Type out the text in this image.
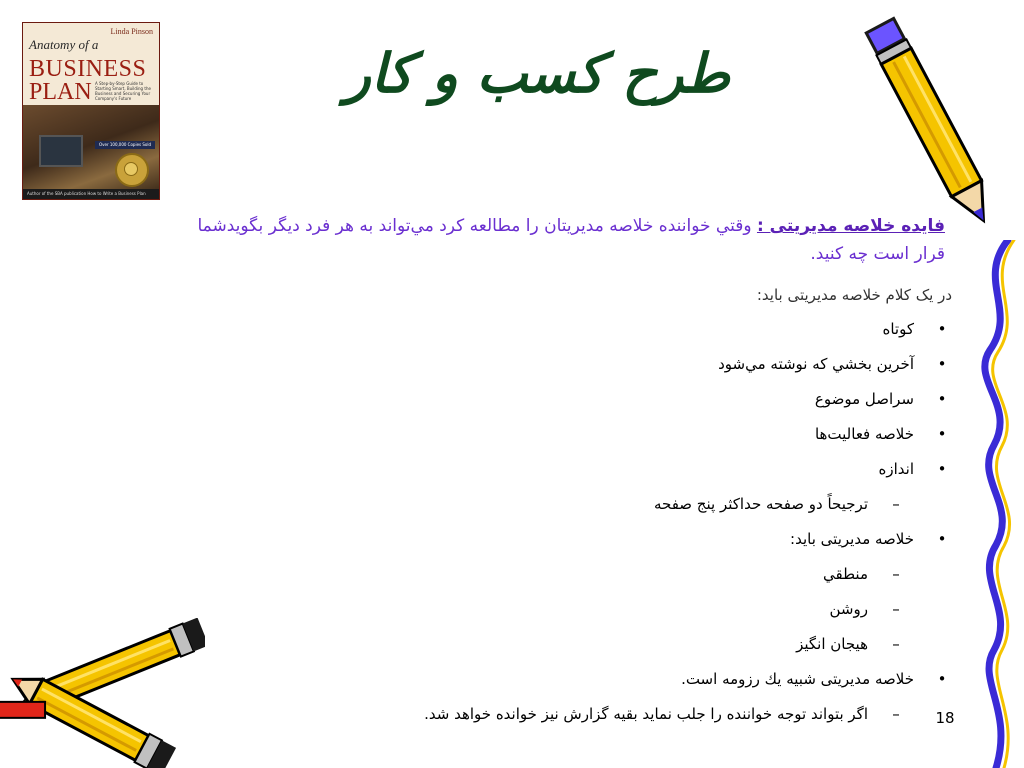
Linda Pinson
Anatomy of a
BUSINESS
PLAN A Step-by-Step Guide to Starting Smart, Building the Business and Securing Your Company's Future
Over 100,000 Copies Sold
Author of the SBA publication How to Write a Business Plan
طرح کسب و کار
فايده خلاصه مديريتی : وقتي خواننده خلاصه مديريتان را مطالعه کرد مي‌تواند به هر فرد ديگر بگويدشما قرار است چه کنيد.
در یک کلام خلاصه مدیریتی باید:
•
کوتاه
•
آخرين بخشي که نوشته مي‌شود
•
سراصل موضوع
•
خلاصه فعاليت‌ها
•
اندازه
–
ترجیحاً دو صفحه حداکثر پنج صفحه
•
خلاصه مدیریتی باید:
–
منطقي
–
روشن
–
هيجان انگيز
•
خلاصه مديريتی شبيه يك رزومه است.
–
اگر بتواند توجه خواننده را جلب نمايد بقيه گزارش نيز خوانده خواهد شد.	18
